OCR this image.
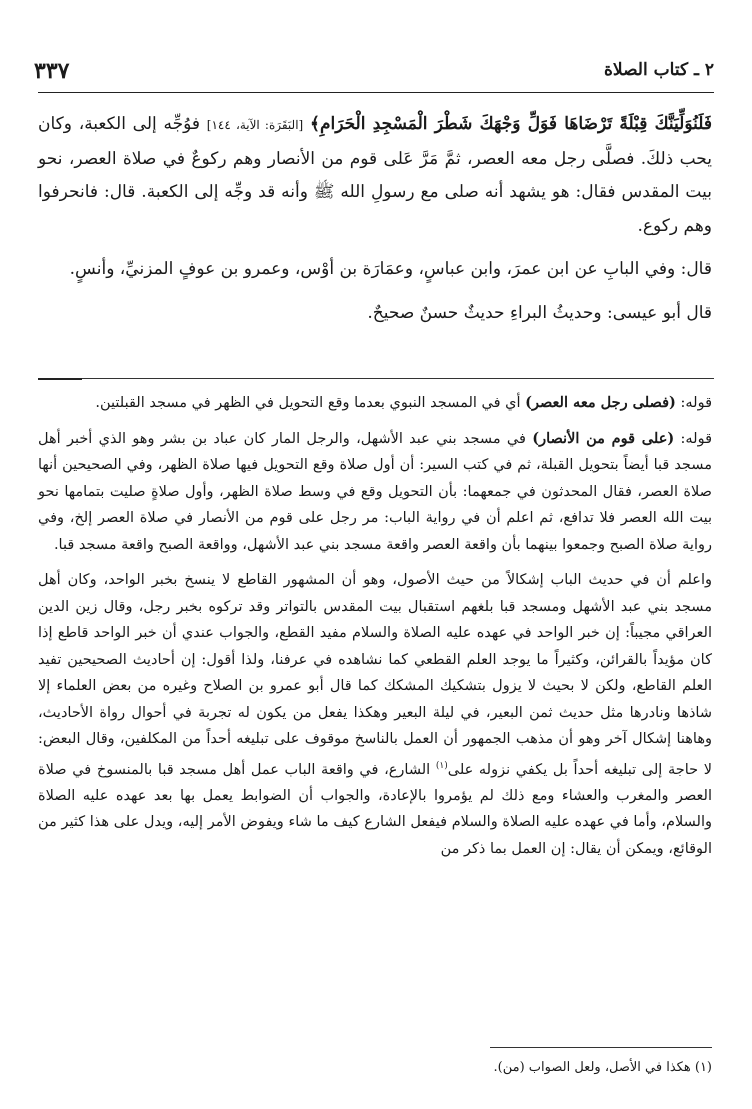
٢ ـ كتاب الصلاة
٣٣٧

فَلَنُوَلِّيَنَّكَ قِبْلَةً تَرْضَاهَا فَوَلِّ وَجْهَكَ شَطْرَ الْمَسْجِدِ الْحَرَامِ﴾ [البَقَرَة: الآية، ١٤٤] فوُجِّه إلى الكعبة، وكان يحب ذلكَ. فصلَّى رجل معه العصر، ثمَّ مَرَّ عَلى قوم من الأنصار وهم ركوعٌ في صلاة العصر، نحو بيت المقدس فقال: هو يشهد أنه صلى مع رسولِ الله ﷺ وأنه قد وجِّه إلى الكعبة. قال: فانحرفوا وهم ركوع.

قال: وفي البابِ عن ابن عمرَ، وابن عباسٍ، وعمَارَة بن أوْس، وعمرو بن عوفٍ المزنيِّ، وأنسٍ.

قال أبو عيسى: وحديثُ البراءِ حديثٌ حسنٌ صحيحٌ.

قوله: (فصلى رجل معه العصر) أي في المسجد النبوي بعدما وقع التحويل في الظهر في مسجد القبلتين.

قوله: (على قوم من الأنصار) في مسجد بني عبد الأشهل، والرجل المار كان عباد بن بشر وهو الذي أخبر أهل مسجد قبا أيضاً بتحويل القبلة، ثم في كتب السير: أن أول صلاة وقع التحويل فيها صلاة الظهر، وفي الصحيحين أنها صلاة العصر، فقال المحدثون في جمعهما: بأن التحويل وقع في وسط صلاة الظهر، وأول صلاةٍ صليت بتمامها نحو بيت الله العصر فلا تدافع، ثم اعلم أن في رواية الباب: مر رجل على قوم من الأنصار في صلاة العصر إلخ، وفي رواية صلاة الصبح وجمعوا بينهما بأن واقعة العصر واقعة مسجد بني عبد الأشهل، وواقعة الصبح واقعة مسجد قبا.

واعلم أن في حديث الباب إشكالاً من حيث الأصول، وهو أن المشهور القاطع لا ينسخ بخبر الواحد، وكان أهل مسجد بني عبد الأشهل ومسجد قبا بلغهم استقبال بيت المقدس بالتواتر وقد تركوه بخبر رجل، وقال زين الدين العراقي مجيباً: إن خبر الواحد في عهده عليه الصلاة والسلام مفيد القطع، والجواب عندي أن خبر الواحد قاطع إذا كان مؤيداً بالقرائن، وكثيراً ما يوجد العلم القطعي كما نشاهده في عرفنا، ولذا أقول: إن أحاديث الصحيحين تفيد العلم القاطع، ولكن لا بحيث لا يزول بتشكيك المشكك كما قال أبو عمرو بن الصلاح وغيره من بعض العلماء إلا شاذها ونادرها مثل حديث ثمن البعير، في ليلة البعير وهكذا يفعل من يكون له تجربة في أحوال رواة الأحاديث، وهاهنا إشكال آخر وهو أن مذهب الجمهور أن العمل بالناسخ موقوف على تبليغه أحداً من المكلفين، وقال البعض: لا حاجة إلى تبليغه أحداً بل يكفي نزوله على$^{(١)}$ الشارع، في واقعة الباب عمل أهل مسجد قبا بالمنسوخ في صلاة العصر والمغرب والعشاء ومع ذلك لم يؤمروا بالإعادة، والجواب أن الضوابط يعمل بها بعد عهده عليه الصلاة والسلام، وأما في عهده عليه الصلاة والسلام فيفعل الشارع كيف ما شاء ويفوض الأمر إليه، ويدل على هذا كثير من الوقائع، ويمكن أن يقال: إن العمل بما ذكر من

(١) هكذا في الأصل، ولعل الصواب (من).
